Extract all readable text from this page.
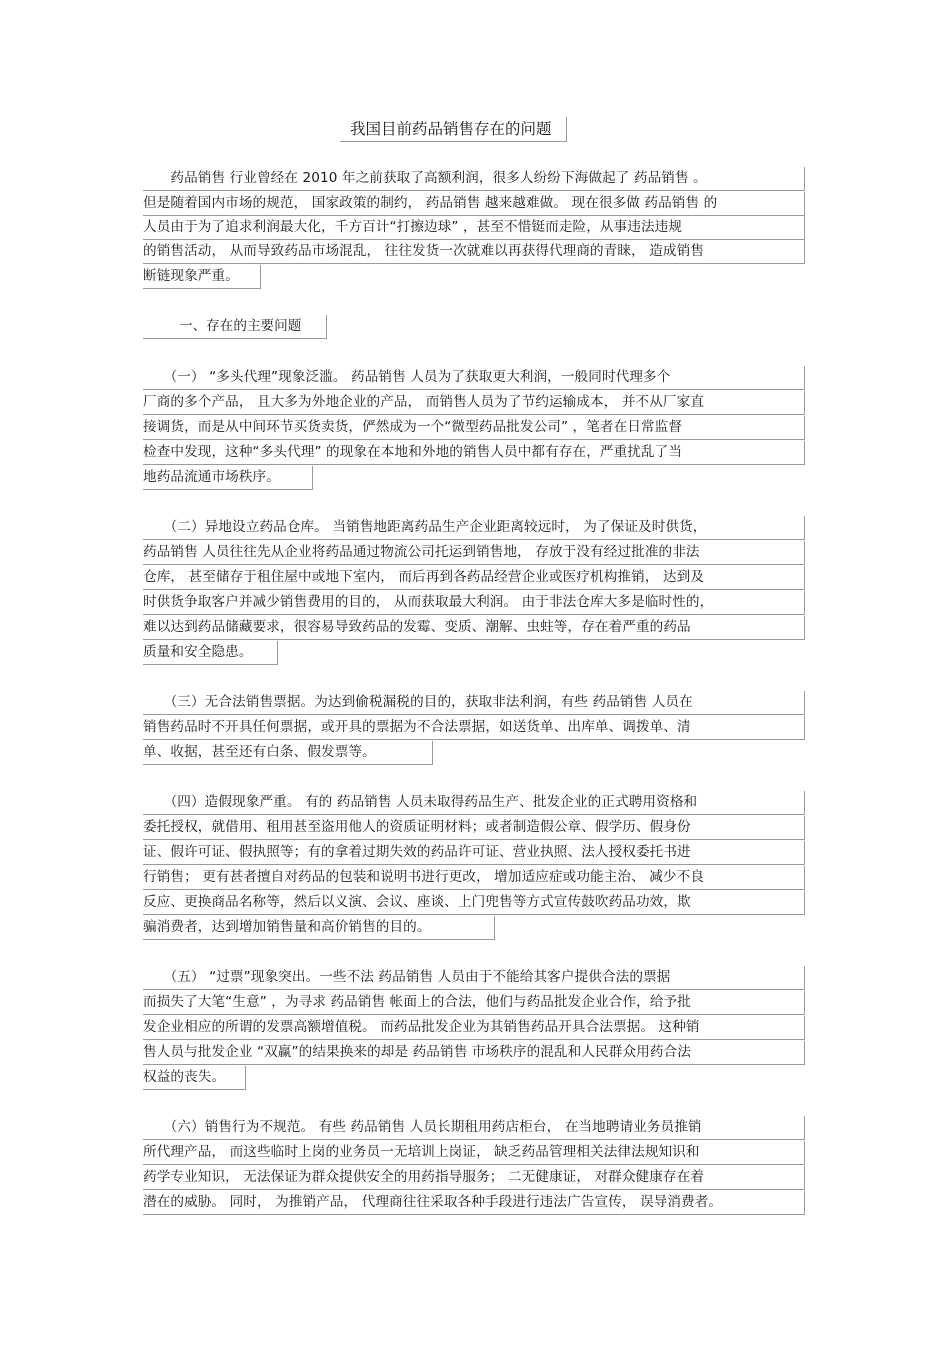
我国目前药品销售存在的问题
　　药品销售 行业曾经在 2010 年之前获取了高额利润，很多人纷纷下海做起了 药品销售 。
但是随着国内市场的规范， 国家政策的制约， 药品销售 越来越难做。 现在很多做 药品销售 的
人员由于为了追求利润最大化，千方百计“打擦边球” ，甚至不惜铤而走险，从事违法违规
的销售活动， 从而导致药品市场混乱， 往往发货一次就难以再获得代理商的青睐， 造成销售
断链现象严重。
一、存在的主要问题
　　（一） “多头代理”现象泛滥。 药品销售 人员为了获取更大利润，一般同时代理多个
厂商的多个产品， 且大多为外地企业的产品， 而销售人员为了节约运输成本， 并不从厂家直
接调货，而是从中间环节买货卖货，俨然成为一个“微型药品批发公司” ，笔者在日常监督
检查中发现，这种“多头代理” 的现象在本地和外地的销售人员中都有存在，严重扰乱了当
地药品流通市场秩序。
　　（二）异地设立药品仓库。 当销售地距离药品生产企业距离较远时， 为了保证及时供货，
药品销售 人员往往先从企业将药品通过物流公司托运到销售地， 存放于没有经过批准的非法
仓库， 甚至储存于租住屋中或地下室内， 而后再到各药品经营企业或医疗机构推销， 达到及
时供货争取客户并减少销售费用的目的， 从而获取最大利润。 由于非法仓库大多是临时性的，
难以达到药品储藏要求，很容易导致药品的发霉、变质、潮解、虫蛀等，存在着严重的药品
质量和安全隐患。
　　（三）无合法销售票据。为达到偷税漏税的目的，获取非法利润，有些 药品销售 人员在
销售药品时不开具任何票据，或开具的票据为不合法票据，如送货单、出库单、调拨单、清
单、收据，甚至还有白条、假发票等。
　　（四）造假现象严重。 有的 药品销售 人员未取得药品生产、批发企业的正式聘用资格和
委托授权，就借用、租用甚至盗用他人的资质证明材料；或者制造假公章、假学历、假身份
证、假许可证、假执照等；有的拿着过期失效的药品许可证、营业执照、法人授权委托书进
行销售； 更有甚者擅自对药品的包装和说明书进行更改， 增加适应症或功能主治、 减少不良
反应、更换商品名称等，然后以义演、会议、座谈、上门兜售等方式宣传鼓吹药品功效，欺
骗消费者，达到增加销售量和高价销售的目的。
　　（五） “过票”现象突出。一些不法 药品销售 人员由于不能给其客户提供合法的票据
而损失了大笔“生意” ，为寻求 药品销售 帐面上的合法，他们与药品批发企业合作，给予批
发企业相应的所谓的发票高额增值税。 而药品批发企业为其销售药品开具合法票据。 这种销
售人员与批发企业 “双赢”的结果换来的却是 药品销售 市场秩序的混乱和人民群众用药合法
权益的丧失。
　　（六）销售行为不规范。 有些 药品销售 人员长期租用药店柜台， 在当地聘请业务员推销
所代理产品， 而这些临时上岗的业务员一无培训上岗证， 缺乏药品管理相关法律法规知识和
药学专业知识， 无法保证为群众提供安全的用药指导服务； 二无健康证， 对群众健康存在着
潜在的威胁。 同时， 为推销产品， 代理商往往采取各种手段进行违法广告宣传， 误导消费者。
